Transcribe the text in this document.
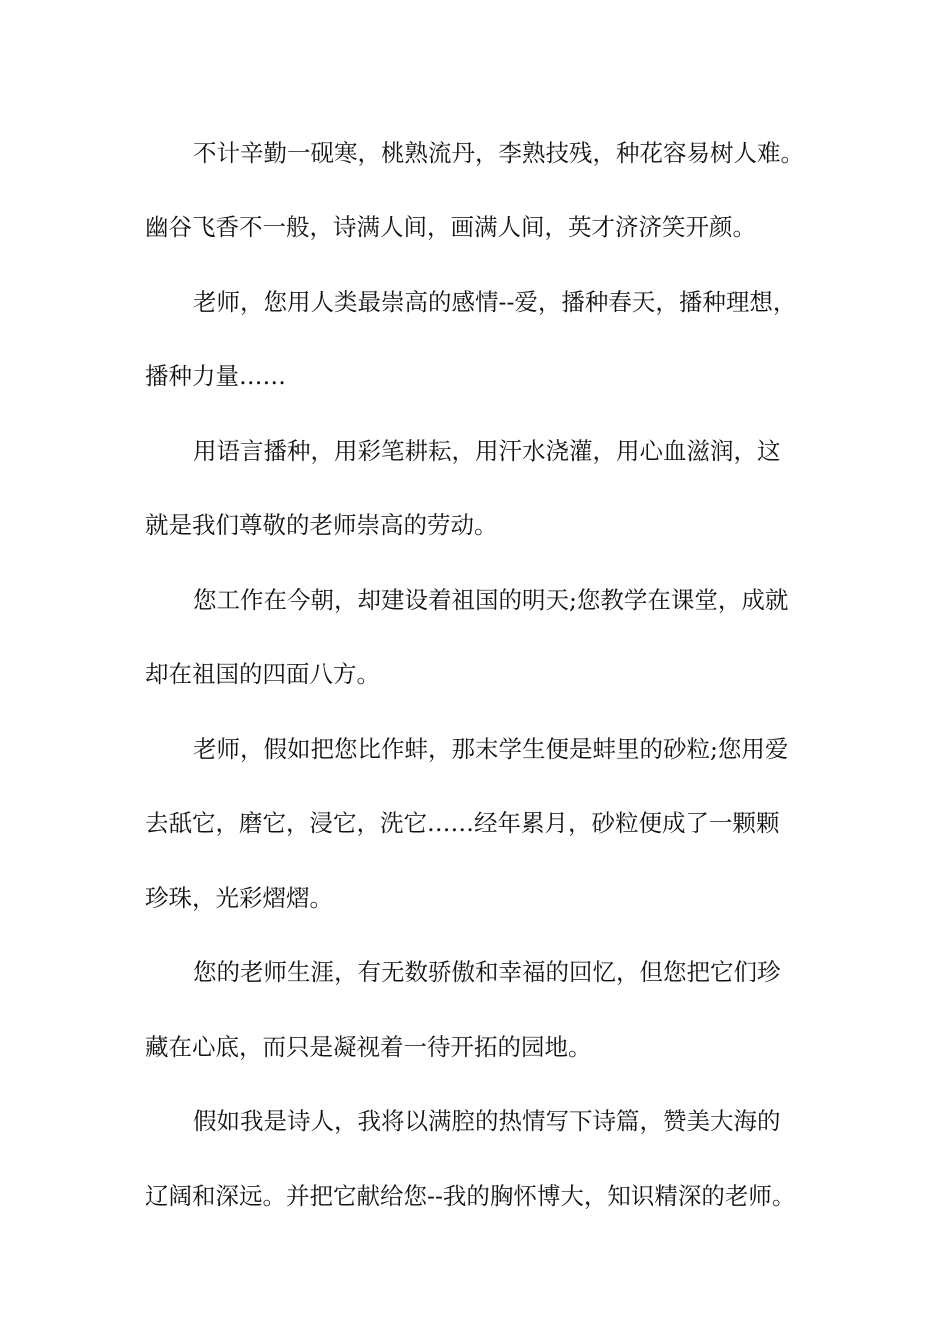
不计辛勤一砚寒，桃熟流丹，李熟技残，种花容易树人难。
幽谷飞香不一般，诗满人间，画满人间，英才济济笑开颜。
老师，您用人类最崇高的感情--爱，播种春天，播种理想，
播种力量……
用语言播种，用彩笔耕耘，用汗水浇灌，用心血滋润，这
就是我们尊敬的老师崇高的劳动。
您工作在今朝，却建设着祖国的明天;您教学在课堂，成就
却在祖国的四面八方。
老师，假如把您比作蚌，那末学生便是蚌里的砂粒;您用爱
去舐它，磨它，浸它，洗它……经年累月，砂粒便成了一颗颗
珍珠，光彩熠熠。
您的老师生涯，有无数骄傲和幸福的回忆，但您把它们珍
藏在心底，而只是凝视着一待开拓的园地。
假如我是诗人，我将以满腔的热情写下诗篇，赞美大海的
辽阔和深远。并把它献给您--我的胸怀博大，知识精深的老师。
